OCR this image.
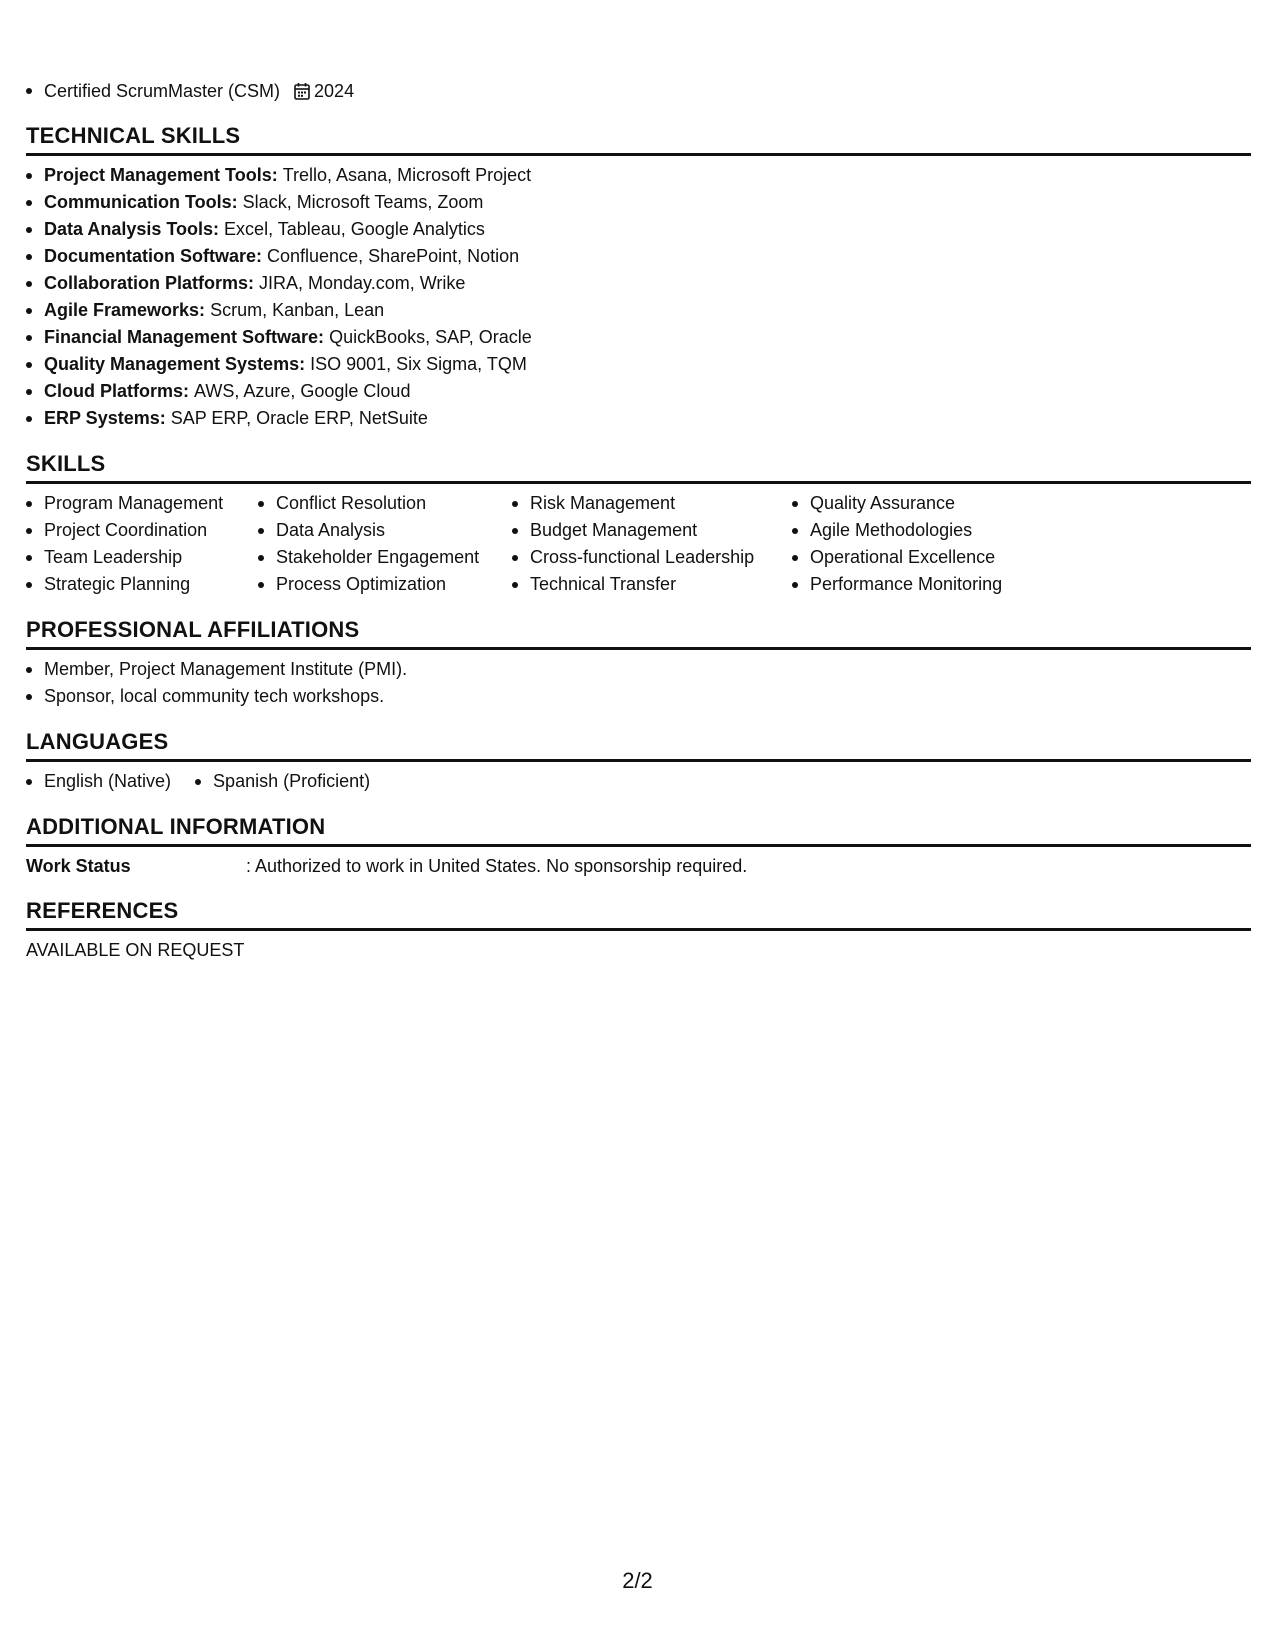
Certified ScrumMaster (CSM) 2024
TECHNICAL SKILLS
Project Management Tools: Trello, Asana, Microsoft Project
Communication Tools: Slack, Microsoft Teams, Zoom
Data Analysis Tools: Excel, Tableau, Google Analytics
Documentation Software: Confluence, SharePoint, Notion
Collaboration Platforms: JIRA, Monday.com, Wrike
Agile Frameworks: Scrum, Kanban, Lean
Financial Management Software: QuickBooks, SAP, Oracle
Quality Management Systems: ISO 9001, Six Sigma, TQM
Cloud Platforms: AWS, Azure, Google Cloud
ERP Systems: SAP ERP, Oracle ERP, NetSuite
SKILLS
Program Management
Project Coordination
Team Leadership
Strategic Planning
Conflict Resolution
Data Analysis
Stakeholder Engagement
Process Optimization
Risk Management
Budget Management
Cross-functional Leadership
Technical Transfer
Quality Assurance
Agile Methodologies
Operational Excellence
Performance Monitoring
PROFESSIONAL AFFILIATIONS
Member, Project Management Institute (PMI).
Sponsor, local community tech workshops.
LANGUAGES
English (Native) Spanish (Proficient)
ADDITIONAL INFORMATION
Work Status	: Authorized to work in United States. No sponsorship required.
REFERENCES
AVAILABLE ON REQUEST
2/2
